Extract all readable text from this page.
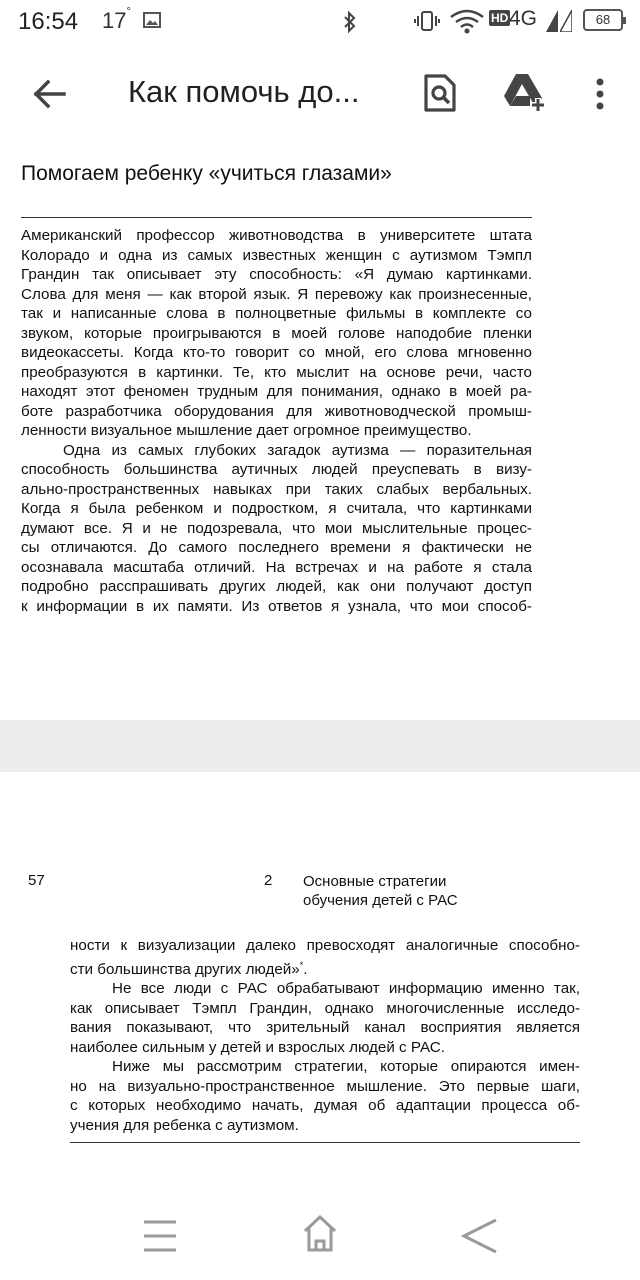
16:54 17°	HD 4G	68
Как помочь до...
Помогаем ребенку «учиться глазами»
Американский профессор животноводства в университете штата
Колорадо и одна из самых известных женщин с аутизмом Тэмпл
Грандин так описывает эту способность: «Я думаю картинками.
Слова для меня — как второй язык. Я перевожу как произнесенные,
так и написанные слова в полноцветные фильмы в комплекте со
звуком, которые проигрываются в моей голове наподобие пленки
видеокассеты. Когда кто-то говорит со мной, его слова мгновенно
преобразуются в картинки. Те, кто мыслит на основе речи, часто
находят этот феномен трудным для понимания, однако в моей ра-
боте разработчика оборудования для животноводческой промыш-
ленности визуальное мышление дает огромное преимущество.
Одна из самых глубоких загадок аутизма — поразительная
способность большинства аутичных людей преуспевать в визу-
ально-пространственных навыках при таких слабых вербальных.
Когда я была ребенком и подростком, я считала, что картинками
думают все. Я и не подозревала, что мои мыслительные процес-
сы отличаются. До самого последнего времени я фактически не
осознавала масштаба отличий. На встречах и на работе я стала
подробно расспрашивать других людей, как они получают доступ
к информации в их памяти. Из ответов я узнала, что мои способ-
57	2 Основные стратегии
обучения детей с РАС
ности к визуализации далеко превосходят аналогичные способно-
сти большинства других людей»*.
Не все люди с РАС обрабатывают информацию именно так,
как описывает Тэмпл Грандин, однако многочисленные исследо-
вания показывают, что зрительный канал восприятия является
наиболее сильным у детей и взрослых людей с РАС.
Ниже мы рассмотрим стратегии, которые опираются имен-
но на визуально-пространственное мышление. Это первые шаги,
с которых необходимо начать, думая об адаптации процесса об-
учения для ребенка с аутизмом.
